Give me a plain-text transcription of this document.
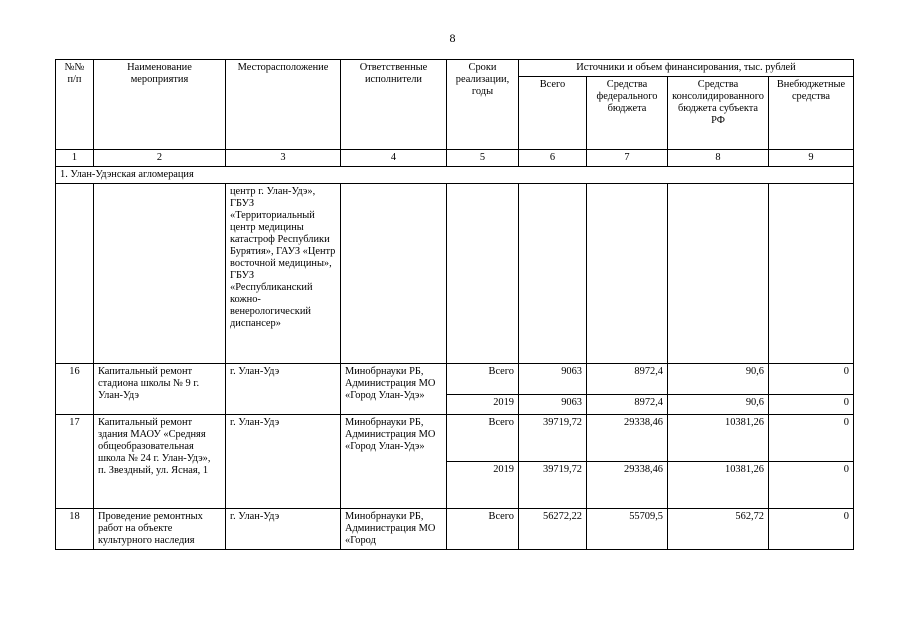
8
№№ п/п	Наименование мероприятия	Месторасположение	Ответственные исполнители	Сроки реализации, годы	Источники и объем финансирования, тыс. рублей			
					Всего	Средства федерального бюджета	Средства консолидированного бюджета субъекта РФ	Внебюджетные средства
1	2	3	4	5	6	7	8	9
1. Улан-Удэнская агломерация								
		центр г. Улан-Удэ», ГБУЗ «Территориальный центр медицины катастроф Республики Бурятия», ГАУЗ «Центр восточной медицины», ГБУЗ «Республиканский кожно-венерологический диспансер»						
16	Капитальный ремонт стадиона школы № 9 г. Улан-Удэ	г. Улан-Удэ	Минобрнауки РБ, Администрация МО «Город Улан-Удэ»	Всего	9063	8972,4	90,6	0
				2019	9063	8972,4	90,6	0
17	Капитальный ремонт здания МАОУ «Средняя общеобразовательная школа № 24 г. Улан-Удэ», п. Звездный, ул. Ясная, 1	г. Улан-Удэ	Минобрнауки РБ, Администрация МО «Город Улан-Удэ»	Всего	39719,72	29338,46	10381,26	0
				2019	39719,72	29338,46	10381,26	0
18	Проведение ремонтных работ на объекте культурного наследия	г. Улан-Удэ	Минобрнауки РБ, Администрация МО «Город	Всего	56272,22	55709,5	562,72	0
